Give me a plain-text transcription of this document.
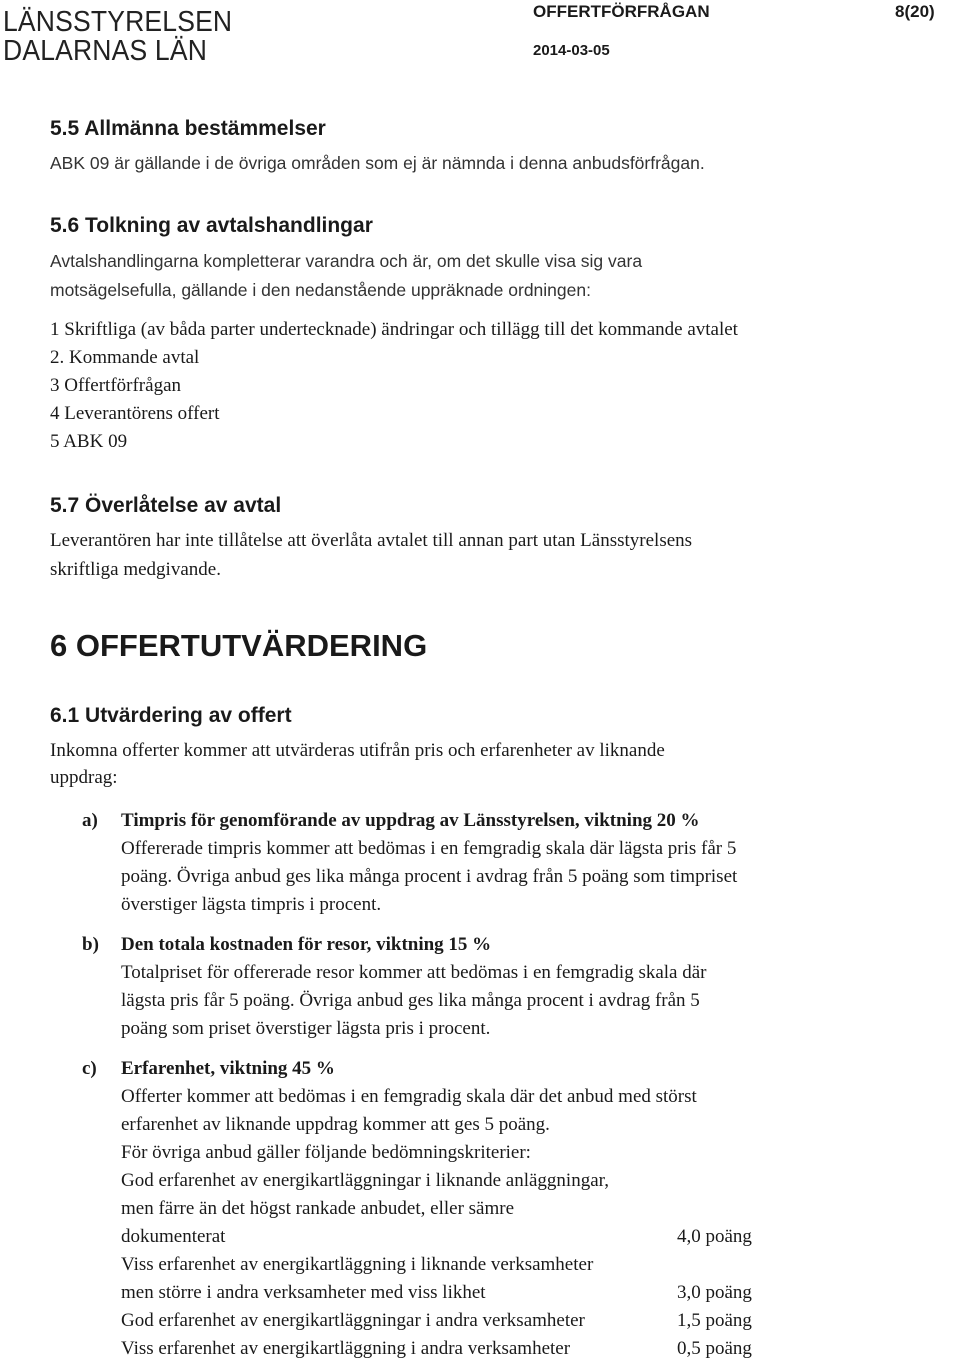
LÄNSSTYRELSEN
DALARNAS LÄN
OFFERTFÖRFRÅGAN	8(20)
2014-03-05
5.5 Allmänna bestämmelser
ABK 09 är gällande i de övriga områden som ej är nämnda i denna anbudsförfrågan.
5.6 Tolkning av avtalshandlingar
Avtalshandlingarna kompletterar varandra och är, om det skulle visa sig vara
motsägelsefulla, gällande i den nedanstående uppräknade ordningen:
1 Skriftliga (av båda parter undertecknade) ändringar och tillägg till det kommande avtalet
2. Kommande avtal
3 Offertförfrågan
4 Leverantörens offert
5 ABK 09
5.7 Överlåtelse av avtal
Leverantören har inte tillåtelse att överlåta avtalet till annan part utan Länsstyrelsens
skriftliga medgivande.
6 OFFERTUTVÄRDERING
6.1 Utvärdering av offert
Inkomna offerter kommer att utvärderas utifrån pris och erfarenheter av liknande
uppdrag:
a) Timpris för genomförande av uppdrag av Länsstyrelsen, viktning 20 %
Offererade timpris kommer att bedömas i en femgradig skala där lägsta pris får 5
poäng. Övriga anbud ges lika många procent i avdrag från 5 poäng som timpriset
överstiger lägsta timpris i procent.
b) Den totala kostnaden för resor, viktning 15 %
Totalpriset för offererade resor kommer att bedömas i en femgradig skala där
lägsta pris får 5 poäng. Övriga anbud ges lika många procent i avdrag från 5
poäng som priset överstiger lägsta pris i procent.
c) Erfarenhet, viktning 45 %
Offerter kommer att bedömas i en femgradig skala där det anbud med störst
erfarenhet av liknande uppdrag kommer att ges 5 poäng.
För övriga anbud gäller följande bedömningskriterier:
God erfarenhet av energikartläggningar i liknande anläggningar,
men färre än det högst rankade anbudet, eller sämre
dokumenterat	4,0 poäng
Viss erfarenhet av energikartläggning i liknande verksamheter
men större i andra verksamheter med viss likhet	3,0 poäng
God erfarenhet av energikartläggningar i andra verksamheter	1,5 poäng
Viss erfarenhet av energikartläggning i andra verksamheter	0,5 poäng
